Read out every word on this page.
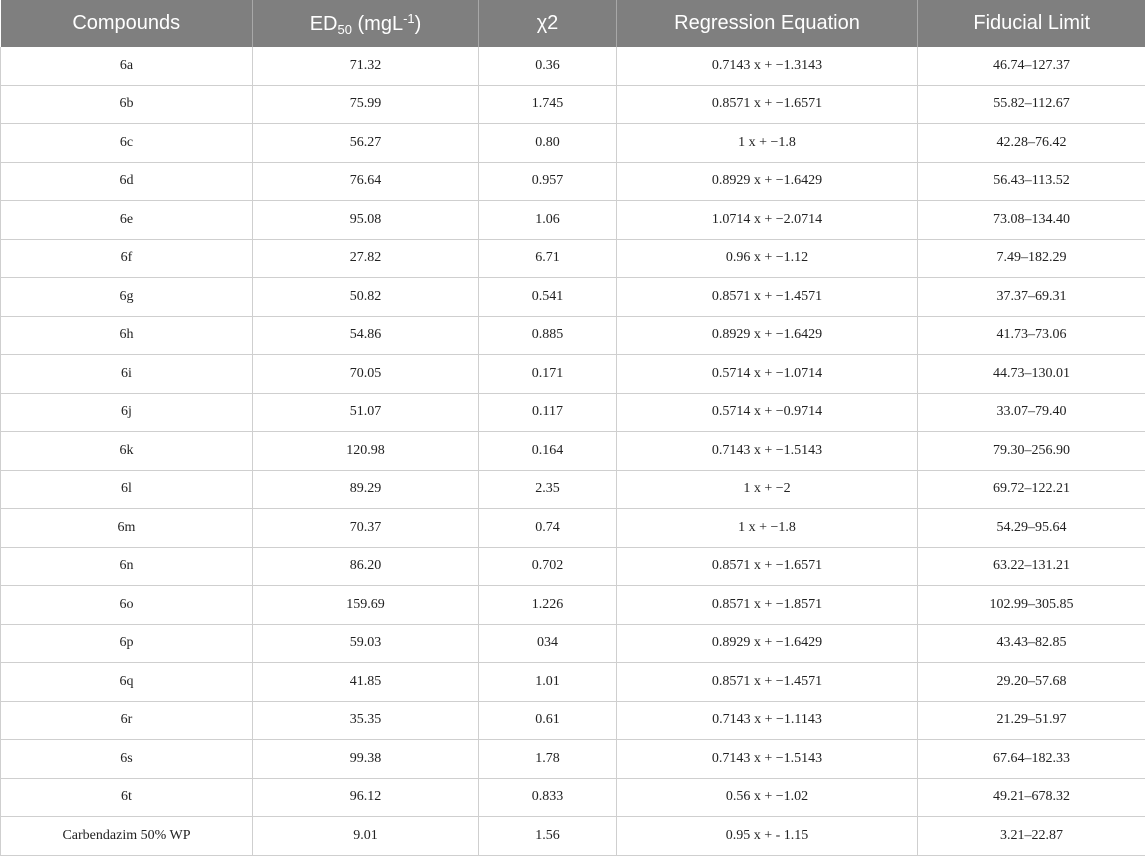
Compounds	$ED_{50}$ (mgL$^{-1}$)	χ2	Regression Equation	Fiducial Limit
6a	71.32	0.36	0.7143 x + −1.3143	46.74–127.37
6b	75.99	1.745	0.8571 x + −1.6571	55.82–112.67
6c	56.27	0.80	1 x + −1.8	42.28–76.42
6d	76.64	0.957	0.8929 x + −1.6429	56.43–113.52
6e	95.08	1.06	1.0714 x + −2.0714	73.08–134.40
6f	27.82	6.71	0.96 x + −1.12	7.49–182.29
6g	50.82	0.541	0.8571 x + −1.4571	37.37–69.31
6h	54.86	0.885	0.8929 x + −1.6429	41.73–73.06
6i	70.05	0.171	0.5714 x + −1.0714	44.73–130.01
6j	51.07	0.117	0.5714 x + −0.9714	33.07–79.40
6k	120.98	0.164	0.7143 x + −1.5143	79.30–256.90
6l	89.29	2.35	1 x + −2	69.72–122.21
6m	70.37	0.74	1 x + −1.8	54.29–95.64
6n	86.20	0.702	0.8571 x + −1.6571	63.22–131.21
6o	159.69	1.226	0.8571 x + −1.8571	102.99–305.85
6p	59.03	034	0.8929 x + −1.6429	43.43–82.85
6q	41.85	1.01	0.8571 x + −1.4571	29.20–57.68
6r	35.35	0.61	0.7143 x + −1.1143	21.29–51.97
6s	99.38	1.78	0.7143 x + −1.5143	67.64–182.33
6t	96.12	0.833	0.56 x + −1.02	49.21–678.32
Carbendazim 50% WP	9.01	1.56	0.95 x + - 1.15	3.21–22.87
